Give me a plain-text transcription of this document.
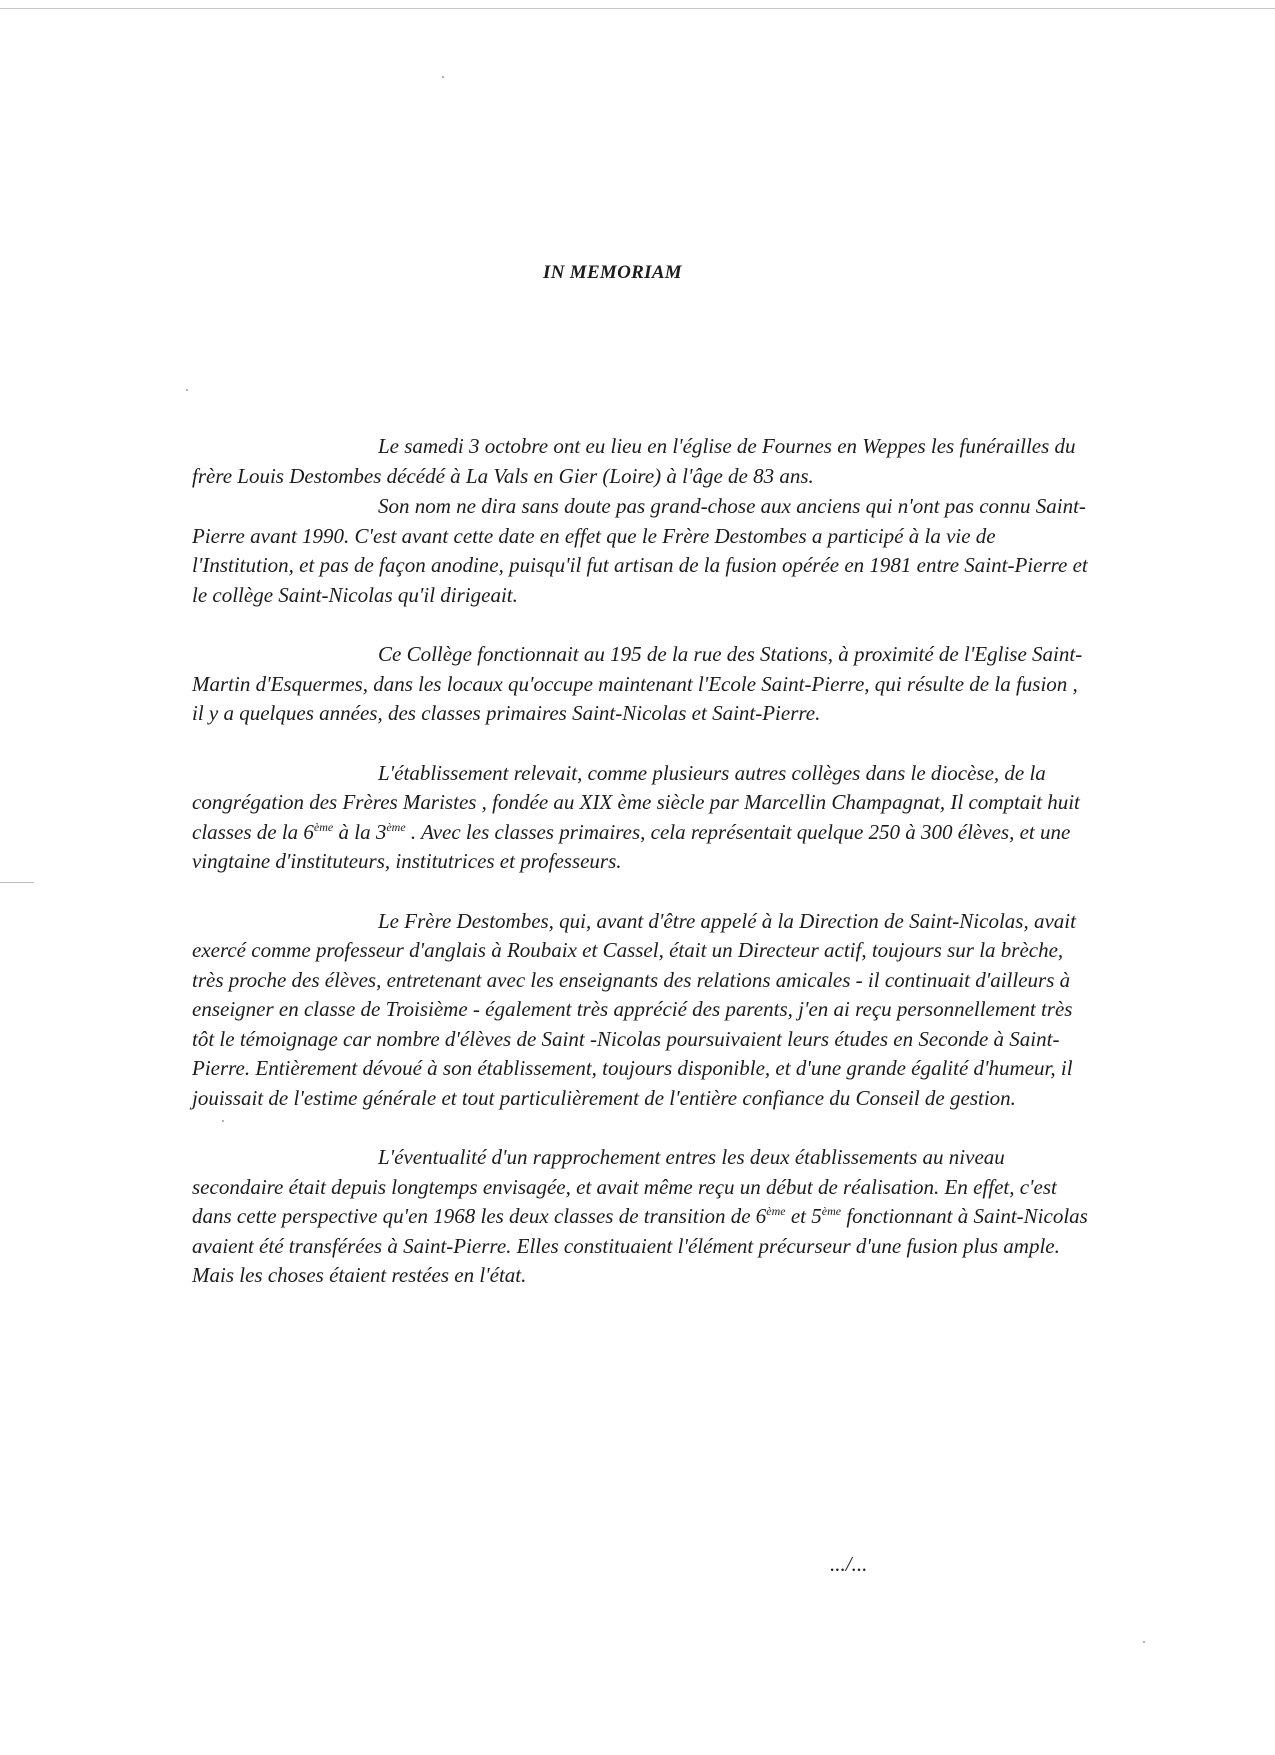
IN MEMORIAM

Le samedi 3 octobre ont eu lieu en l'église de Fournes en Weppes les funérailles du frère Louis Destombes décédé à La Vals en Gier (Loire) à l'âge de 83 ans.

Son nom ne dira sans doute pas grand-chose aux anciens qui n'ont pas connu Saint-Pierre avant 1990. C'est avant cette date en effet que le Frère Destombes a participé à la vie de l'Institution, et pas de façon anodine, puisqu'il fut artisan de la fusion opérée en 1981 entre Saint-Pierre et le collège Saint-Nicolas qu'il dirigeait.

Ce Collège fonctionnait au 195 de la rue des Stations, à proximité de l'Eglise Saint-Martin d'Esquermes, dans les locaux qu'occupe maintenant l'Ecole Saint-Pierre, qui résulte de la fusion , il y a quelques années, des classes primaires Saint-Nicolas et Saint-Pierre.

L'établissement relevait, comme plusieurs autres collèges dans le diocèse, de la congrégation des Frères Maristes , fondée au XIX ème siècle par Marcellin Champagnat, Il comptait huit classes de la 6ème à la 3ème . Avec les classes primaires, cela représentait quelque 250 à 300 élèves, et une vingtaine d'instituteurs, institutrices et professeurs.

Le Frère Destombes, qui, avant d'être appelé à la Direction de Saint-Nicolas, avait exercé comme professeur d'anglais à Roubaix et Cassel, était un Directeur actif, toujours sur la brèche, très proche des élèves, entretenant avec les enseignants des relations amicales - il continuait d'ailleurs à enseigner en classe de Troisième - également très apprécié des parents, j'en ai reçu personnellement très tôt le témoignage car nombre d'élèves de Saint -Nicolas poursuivaient leurs études en Seconde à Saint-Pierre. Entièrement dévoué à son établissement, toujours disponible, et d'une grande égalité d'humeur, il jouissait de l'estime générale et tout particulièrement de l'entière confiance du Conseil de gestion.

L'éventualité d'un rapprochement entres les deux établissements au niveau secondaire était depuis longtemps envisagée, et avait même reçu un début de réalisation. En effet, c'est dans cette perspective qu'en 1968 les deux classes de transition de 6ème et 5ème fonctionnant à Saint-Nicolas avaient été transférées à Saint-Pierre. Elles constituaient l'élément précurseur d'une fusion plus ample. Mais les choses étaient restées en l'état.

.../...
